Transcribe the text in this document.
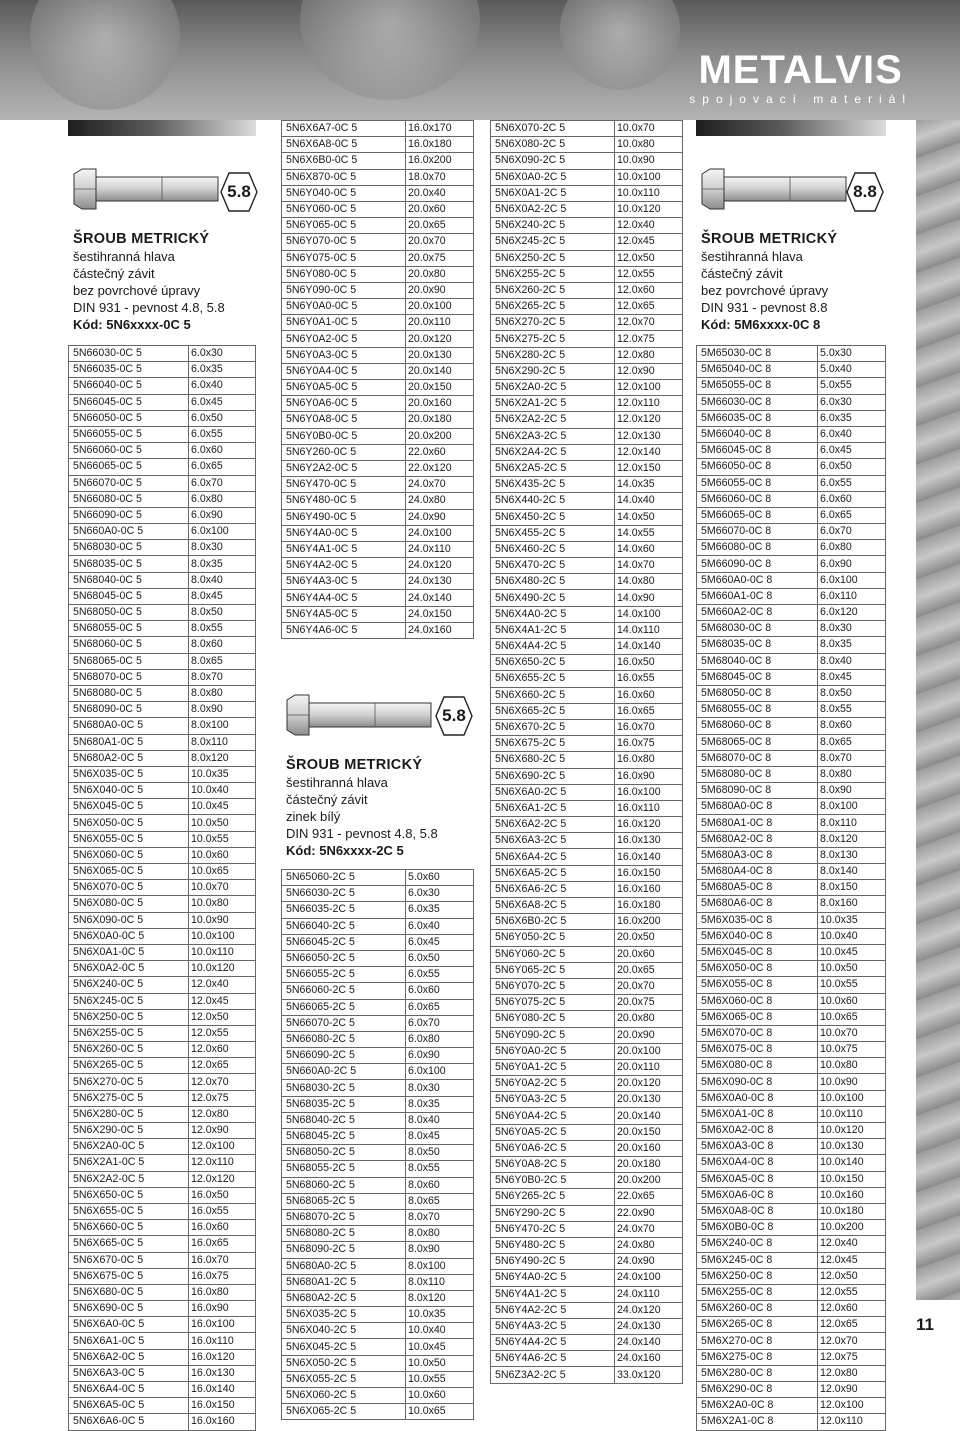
METALVIS
spojovací materiál
5.8
ŠROUB METRICKÝ
šestihranná hlava
částečný závit
bez povrchové úpravy
DIN 931 - pevnost 4.8, 5.8
Kód: 5N6xxxx-0C 5
5N66030-0C 5	6.0x30
5N66035-0C 5	6.0x35
5N66040-0C 5	6.0x40
5N66045-0C 5	6.0x45
5N66050-0C 5	6.0x50
5N66055-0C 5	6.0x55
5N66060-0C 5	6.0x60
5N66065-0C 5	6.0x65
5N66070-0C 5	6.0x70
5N66080-0C 5	6.0x80
5N66090-0C 5	6.0x90
5N660A0-0C 5	6.0x100
5N68030-0C 5	8.0x30
5N68035-0C 5	8.0x35
5N68040-0C 5	8.0x40
5N68045-0C 5	8.0x45
5N68050-0C 5	8.0x50
5N68055-0C 5	8.0x55
5N68060-0C 5	8.0x60
5N68065-0C 5	8.0x65
5N68070-0C 5	8.0x70
5N68080-0C 5	8.0x80
5N68090-0C 5	8.0x90
5N680A0-0C 5	8.0x100
5N680A1-0C 5	8.0x110
5N680A2-0C 5	8.0x120
5N6X035-0C 5	10.0x35
5N6X040-0C 5	10.0x40
5N6X045-0C 5	10.0x45
5N6X050-0C 5	10.0x50
5N6X055-0C 5	10.0x55
5N6X060-0C 5	10.0x60
5N6X065-0C 5	10.0x65
5N6X070-0C 5	10.0x70
5N6X080-0C 5	10.0x80
5N6X090-0C 5	10.0x90
5N6X0A0-0C 5	10.0x100
5N6X0A1-0C 5	10.0x110
5N6X0A2-0C 5	10.0x120
5N6X240-0C 5	12.0x40
5N6X245-0C 5	12.0x45
5N6X250-0C 5	12.0x50
5N6X255-0C 5	12.0x55
5N6X260-0C 5	12.0x60
5N6X265-0C 5	12.0x65
5N6X270-0C 5	12.0x70
5N6X275-0C 5	12.0x75
5N6X280-0C 5	12.0x80
5N6X290-0C 5	12.0x90
5N6X2A0-0C 5	12.0x100
5N6X2A1-0C 5	12.0x110
5N6X2A2-0C 5	12.0x120
5N6X650-0C 5	16.0x50
5N6X655-0C 5	16.0x55
5N6X660-0C 5	16.0x60
5N6X665-0C 5	16.0x65
5N6X670-0C 5	16.0x70
5N6X675-0C 5	16.0x75
5N6X680-0C 5	16.0x80
5N6X690-0C 5	16.0x90
5N6X6A0-0C 5	16.0x100
5N6X6A1-0C 5	16.0x110
5N6X6A2-0C 5	16.0x120
5N6X6A3-0C 5	16.0x130
5N6X6A4-0C 5	16.0x140
5N6X6A5-0C 5	16.0x150
5N6X6A6-0C 5	16.0x160
5N6X6A7-0C 5	16.0x170
5N6X6A8-0C 5	16.0x180
5N6X6B0-0C 5	16.0x200
5N6X870-0C 5	18.0x70
5N6Y040-0C 5	20.0x40
5N6Y060-0C 5	20.0x60
5N6Y065-0C 5	20.0x65
5N6Y070-0C 5	20.0x70
5N6Y075-0C 5	20.0x75
5N6Y080-0C 5	20.0x80
5N6Y090-0C 5	20.0x90
5N6Y0A0-0C 5	20.0x100
5N6Y0A1-0C 5	20.0x110
5N6Y0A2-0C 5	20.0x120
5N6Y0A3-0C 5	20.0x130
5N6Y0A4-0C 5	20.0x140
5N6Y0A5-0C 5	20.0x150
5N6Y0A6-0C 5	20.0x160
5N6Y0A8-0C 5	20.0x180
5N6Y0B0-0C 5	20.0x200
5N6Y260-0C 5	22.0x60
5N6Y2A2-0C 5	22.0x120
5N6Y470-0C 5	24.0x70
5N6Y480-0C 5	24.0x80
5N6Y490-0C 5	24.0x90
5N6Y4A0-0C 5	24.0x100
5N6Y4A1-0C 5	24.0x110
5N6Y4A2-0C 5	24.0x120
5N6Y4A3-0C 5	24.0x130
5N6Y4A4-0C 5	24.0x140
5N6Y4A5-0C 5	24.0x150
5N6Y4A6-0C 5	24.0x160
5.8
ŠROUB METRICKÝ
šestihranná hlava
částečný závit
zinek bílý
DIN 931 - pevnost 4.8, 5.8
Kód: 5N6xxxx-2C 5
5N65060-2C 5	5.0x60
5N66030-2C 5	6.0x30
5N66035-2C 5	6.0x35
5N66040-2C 5	6.0x40
5N66045-2C 5	6.0x45
5N66050-2C 5	6.0x50
5N66055-2C 5	6.0x55
5N66060-2C 5	6.0x60
5N66065-2C 5	6.0x65
5N66070-2C 5	6.0x70
5N66080-2C 5	6.0x80
5N66090-2C 5	6.0x90
5N660A0-2C 5	6.0x100
5N68030-2C 5	8.0x30
5N68035-2C 5	8.0x35
5N68040-2C 5	8.0x40
5N68045-2C 5	8.0x45
5N68050-2C 5	8.0x50
5N68055-2C 5	8.0x55
5N68060-2C 5	8.0x60
5N68065-2C 5	8.0x65
5N68070-2C 5	8.0x70
5N68080-2C 5	8.0x80
5N68090-2C 5	8.0x90
5N680A0-2C 5	8.0x100
5N680A1-2C 5	8.0x110
5N680A2-2C 5	8.0x120
5N6X035-2C 5	10.0x35
5N6X040-2C 5	10.0x40
5N6X045-2C 5	10.0x45
5N6X050-2C 5	10.0x50
5N6X055-2C 5	10.0x55
5N6X060-2C 5	10.0x60
5N6X065-2C 5	10.0x65
5N6X070-2C 5	10.0x70
5N6X080-2C 5	10.0x80
5N6X090-2C 5	10.0x90
5N6X0A0-2C 5	10.0x100
5N6X0A1-2C 5	10.0x110
5N6X0A2-2C 5	10.0x120
5N6X240-2C 5	12.0x40
5N6X245-2C 5	12.0x45
5N6X250-2C 5	12.0x50
5N6X255-2C 5	12.0x55
5N6X260-2C 5	12.0x60
5N6X265-2C 5	12.0x65
5N6X270-2C 5	12.0x70
5N6X275-2C 5	12.0x75
5N6X280-2C 5	12.0x80
5N6X290-2C 5	12.0x90
5N6X2A0-2C 5	12.0x100
5N6X2A1-2C 5	12.0x110
5N6X2A2-2C 5	12.0x120
5N6X2A3-2C 5	12.0x130
5N6X2A4-2C 5	12.0x140
5N6X2A5-2C 5	12.0x150
5N6X435-2C 5	14.0x35
5N6X440-2C 5	14.0x40
5N6X450-2C 5	14.0x50
5N6X455-2C 5	14.0x55
5N6X460-2C 5	14.0x60
5N6X470-2C 5	14.0x70
5N6X480-2C 5	14.0x80
5N6X490-2C 5	14.0x90
5N6X4A0-2C 5	14.0x100
5N6X4A1-2C 5	14.0x110
5N6X4A4-2C 5	14.0x140
5N6X650-2C 5	16.0x50
5N6X655-2C 5	16.0x55
5N6X660-2C 5	16.0x60
5N6X665-2C 5	16.0x65
5N6X670-2C 5	16.0x70
5N6X675-2C 5	16.0x75
5N6X680-2C 5	16.0x80
5N6X690-2C 5	16.0x90
5N6X6A0-2C 5	16.0x100
5N6X6A1-2C 5	16.0x110
5N6X6A2-2C 5	16.0x120
5N6X6A3-2C 5	16.0x130
5N6X6A4-2C 5	16.0x140
5N6X6A5-2C 5	16.0x150
5N6X6A6-2C 5	16.0x160
5N6X6A8-2C 5	16.0x180
5N6X6B0-2C 5	16.0x200
5N6Y050-2C 5	20.0x50
5N6Y060-2C 5	20.0x60
5N6Y065-2C 5	20.0x65
5N6Y070-2C 5	20.0x70
5N6Y075-2C 5	20.0x75
5N6Y080-2C 5	20.0x80
5N6Y090-2C 5	20.0x90
5N6Y0A0-2C 5	20.0x100
5N6Y0A1-2C 5	20.0x110
5N6Y0A2-2C 5	20.0x120
5N6Y0A3-2C 5	20.0x130
5N6Y0A4-2C 5	20.0x140
5N6Y0A5-2C 5	20.0x150
5N6Y0A6-2C 5	20.0x160
5N6Y0A8-2C 5	20.0x180
5N6Y0B0-2C 5	20.0x200
5N6Y265-2C 5	22.0x65
5N6Y290-2C 5	22.0x90
5N6Y470-2C 5	24.0x70
5N6Y480-2C 5	24.0x80
5N6Y490-2C 5	24.0x90
5N6Y4A0-2C 5	24.0x100
5N6Y4A1-2C 5	24.0x110
5N6Y4A2-2C 5	24.0x120
5N6Y4A3-2C 5	24.0x130
5N6Y4A4-2C 5	24.0x140
5N6Y4A6-2C 5	24.0x160
5N6Z3A2-2C 5	33.0x120
8.8
ŠROUB METRICKÝ
šestihranná hlava
částečný závit
bez povrchové úpravy
DIN 931 - pevnost 8.8
Kód: 5M6xxxx-0C 8
5M65030-0C 8	5.0x30
5M65040-0C 8	5.0x40
5M65055-0C 8	5.0x55
5M66030-0C 8	6.0x30
5M66035-0C 8	6.0x35
5M66040-0C 8	6.0x40
5M66045-0C 8	6.0x45
5M66050-0C 8	6.0x50
5M66055-0C 8	6.0x55
5M66060-0C 8	6.0x60
5M66065-0C 8	6.0x65
5M66070-0C 8	6.0x70
5M66080-0C 8	6.0x80
5M66090-0C 8	6.0x90
5M660A0-0C 8	6.0x100
5M660A1-0C 8	6.0x110
5M660A2-0C 8	6.0x120
5M68030-0C 8	8.0x30
5M68035-0C 8	8.0x35
5M68040-0C 8	8.0x40
5M68045-0C 8	8.0x45
5M68050-0C 8	8.0x50
5M68055-0C 8	8.0x55
5M68060-0C 8	8.0x60
5M68065-0C 8	8.0x65
5M68070-0C 8	8.0x70
5M68080-0C 8	8.0x80
5M68090-0C 8	8.0x90
5M680A0-0C 8	8.0x100
5M680A1-0C 8	8.0x110
5M680A2-0C 8	8.0x120
5M680A3-0C 8	8.0x130
5M680A4-0C 8	8.0x140
5M680A5-0C 8	8.0x150
5M680A6-0C 8	8.0x160
5M6X035-0C 8	10.0x35
5M6X040-0C 8	10.0x40
5M6X045-0C 8	10.0x45
5M6X050-0C 8	10.0x50
5M6X055-0C 8	10.0x55
5M6X060-0C 8	10.0x60
5M6X065-0C 8	10.0x65
5M6X070-0C 8	10.0x70
5M6X075-0C 8	10.0x75
5M6X080-0C 8	10.0x80
5M6X090-0C 8	10.0x90
5M6X0A0-0C 8	10.0x100
5M6X0A1-0C 8	10.0x110
5M6X0A2-0C 8	10.0x120
5M6X0A3-0C 8	10.0x130
5M6X0A4-0C 8	10.0x140
5M6X0A5-0C 8	10.0x150
5M6X0A6-0C 8	10.0x160
5M6X0A8-0C 8	10.0x180
5M6X0B0-0C 8	10.0x200
5M6X240-0C 8	12.0x40
5M6X245-0C 8	12.0x45
5M6X250-0C 8	12.0x50
5M6X255-0C 8	12.0x55
5M6X260-0C 8	12.0x60
5M6X265-0C 8	12.0x65
5M6X270-0C 8	12.0x70
5M6X275-0C 8	12.0x75
5M6X280-0C 8	12.0x80
5M6X290-0C 8	12.0x90
5M6X2A0-0C 8	12.0x100
5M6X2A1-0C 8	12.0x110
11
